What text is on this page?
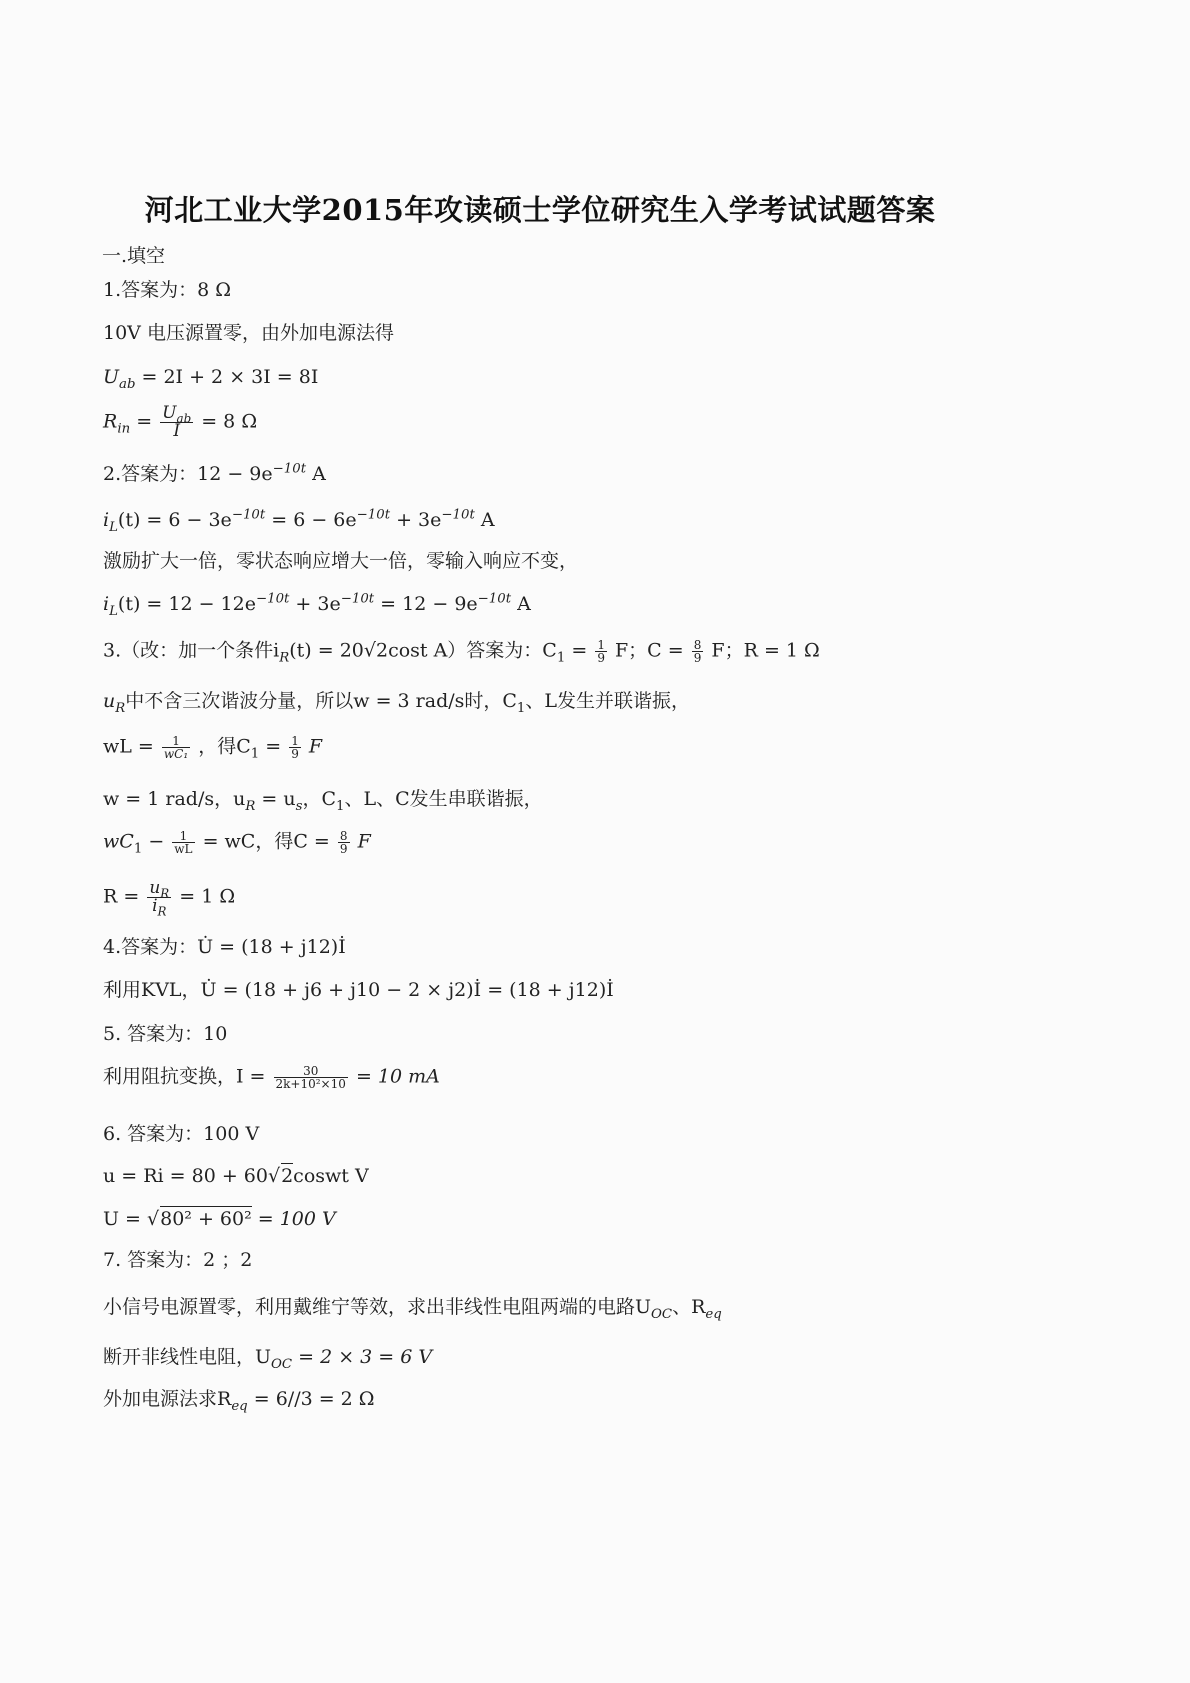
河北工业大学2015年攻读硕士学位研究生入学考试试题答案
一.填空
1.答案为：8 Ω
10V 电压源置零，由外加电源法得
$U_{ab} = 2I + 2 \times 3I = 8I$
$R_{in} = \frac{U_{ab}}{I} = 8$ Ω
2.答案为：$12 - 9e^{-10t}$ A
$i_L(t) = 6 - 3e^{-10t} = 6 - 6e^{-10t} + 3e^{-10t}$ A
激励扩大一倍，零状态响应增大一倍，零输入响应不变，
$i_L(t) = 12 - 12e^{-10t} + 3e^{-10t} = 12 - 9e^{-10t}$ A
3.（改：加一个条件$i_R(t) = 20√2\cos t$ A）答案为：$C_1 = \frac{1}{9}$ F；$C = \frac{8}{9}$ F；R = 1 Ω
$u_R$中不含三次谐波分量，所以w = 3 rad/s时，$C_1$、L发生并联谐振，
wL = $\frac{1}{\text{wC₁}}$ ，得$C_1 = \frac{1}{9}$ F
w = 1 rad/s，$u_R = u_s$，$C_1$、L、C发生串联谐振，
$wC_1 - \frac{1}{wL}$ = wC，得$C = \frac{8}{9}$ F
$R = \frac{u_R}{i_R} = 1$ Ω
4.答案为：U̇ = (18 + j12)İ
利用KVL，U̇ = (18 + j6 + j10 − 2 × j2)İ = (18 + j12)İ
5. 答案为：10
利用阻抗变换，$I = \frac{30}{\text{2k+10²×10}} = 10$ mA
6. 答案为：100 V
u = Ri = 80 + 60√2coswt V
U = √80² + 60² = 100 V
7. 答案为：2 ；2
小信号电源置零，利用戴维宁等效，求出非线性电阻两端的电路$U_{OC}$、$R_{eq}$
断开非线性电阻，$U_{OC} = 2 \times 3 = 6$ V
外加电源法求$R_{eq} = 6//3 = 2$ Ω
